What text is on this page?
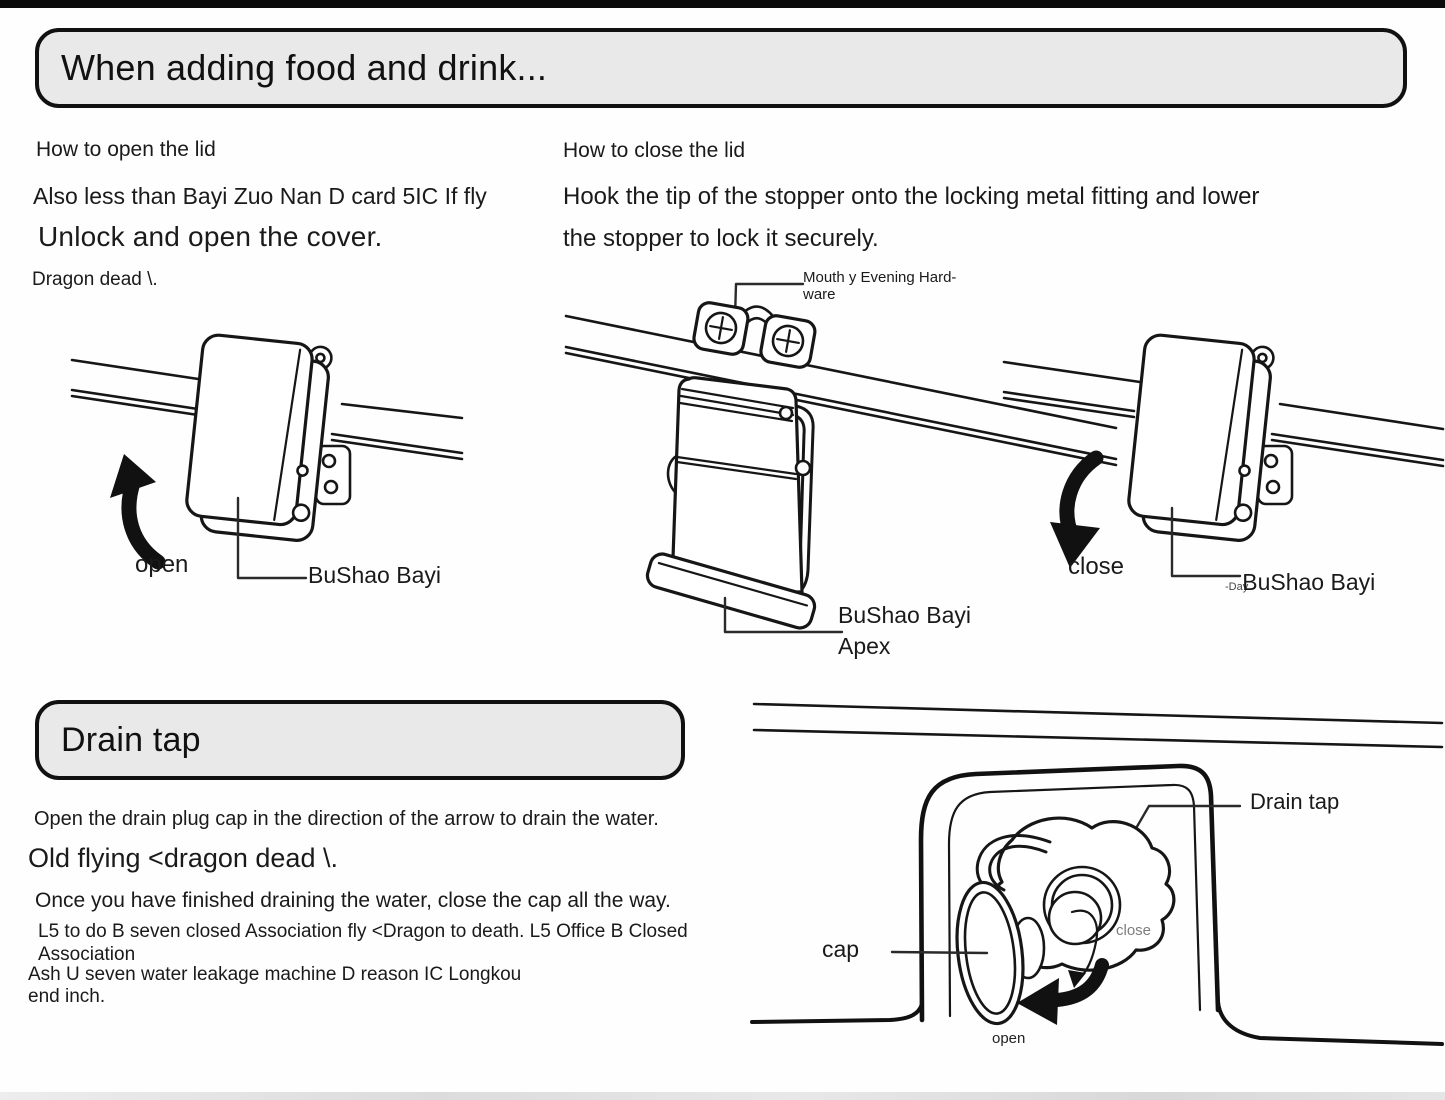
When adding food and drink...
How to open the lid
Also less than Bayi Zuo Nan D card 5IC If fly
Unlock and open the cover.
Dragon dead \.
How to close the lid
Hook the tip of the stopper onto the locking metal fitting and lower
the stopper to lock it securely.
open	BuShao Bayi
Mouth y Evening Hard-ware
BuShao Bayi
Apex
close
-DayBuShao Bayi
Drain tap
Open the drain plug cap in the direction of the arrow to drain the water.
Old flying <dragon dead \.
Once you have finished draining the water, close the cap all the way.
L5 to do B seven closed Association fly <Dragon to death. L5 Office B Closed
Association
Ash U seven water leakage machine D reason IC Longkou
end inch.
Drain tap
cap
close
open
